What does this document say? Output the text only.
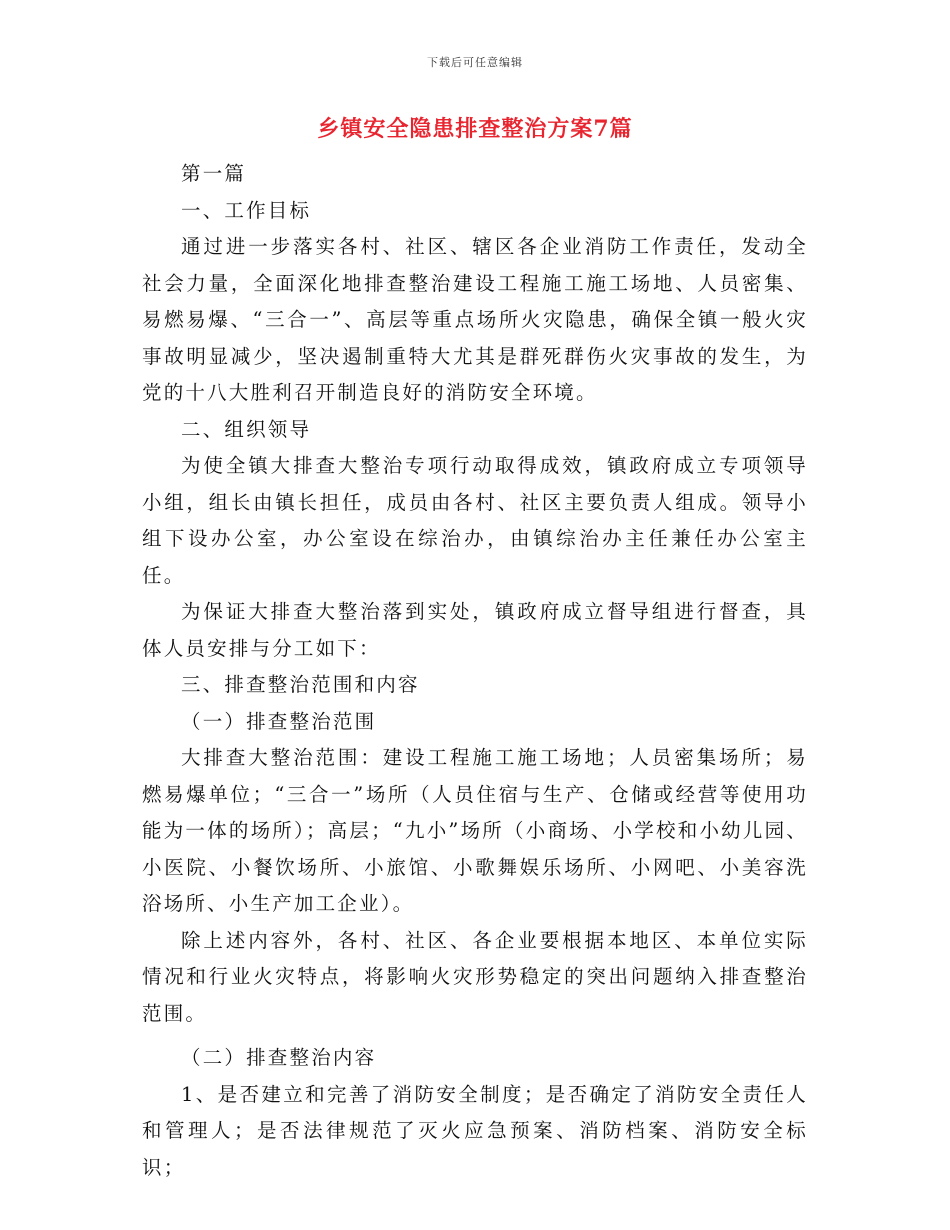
下载后可任意编辑
乡镇安全隐患排查整治方案7篇

第一篇

一、工作目标

通过进一步落实各村、社区、辖区各企业消防工作责任，发动全社会力量，全面深化地排查整治建设工程施工施工场地、人员密集、易燃易爆、“三合一”、高层等重点场所火灾隐患，确保全镇一般火灾事故明显减少，坚决遏制重特大尤其是群死群伤火灾事故的发生，为党的十八大胜利召开制造良好的消防安全环境。

二、组织领导

为使全镇大排查大整治专项行动取得成效，镇政府成立专项领导小组，组长由镇长担任，成员由各村、社区主要负责人组成。领导小组下设办公室，办公室设在综治办，由镇综治办主任兼任办公室主任。

为保证大排查大整治落到实处，镇政府成立督导组进行督查，具体人员安排与分工如下：

三、排查整治范围和内容

（一）排查整治范围

大排查大整治范围：建设工程施工施工场地；人员密集场所；易燃易爆单位；“三合一”场所（人员住宿与生产、仓储或经营等使用功能为一体的场所）；高层；“九小”场所（小商场、小学校和小幼儿园、小医院、小餐饮场所、小旅馆、小歌舞娱乐场所、小网吧、小美容洗浴场所、小生产加工企业）。

除上述内容外，各村、社区、各企业要根据本地区、本单位实际情况和行业火灾特点，将影响火灾形势稳定的突出问题纳入排查整治范围。

（二）排查整治内容

1、是否建立和完善了消防安全制度；是否确定了消防安全责任人和管理人；是否法律规范了灭火应急预案、消防档案、消防安全标识；
